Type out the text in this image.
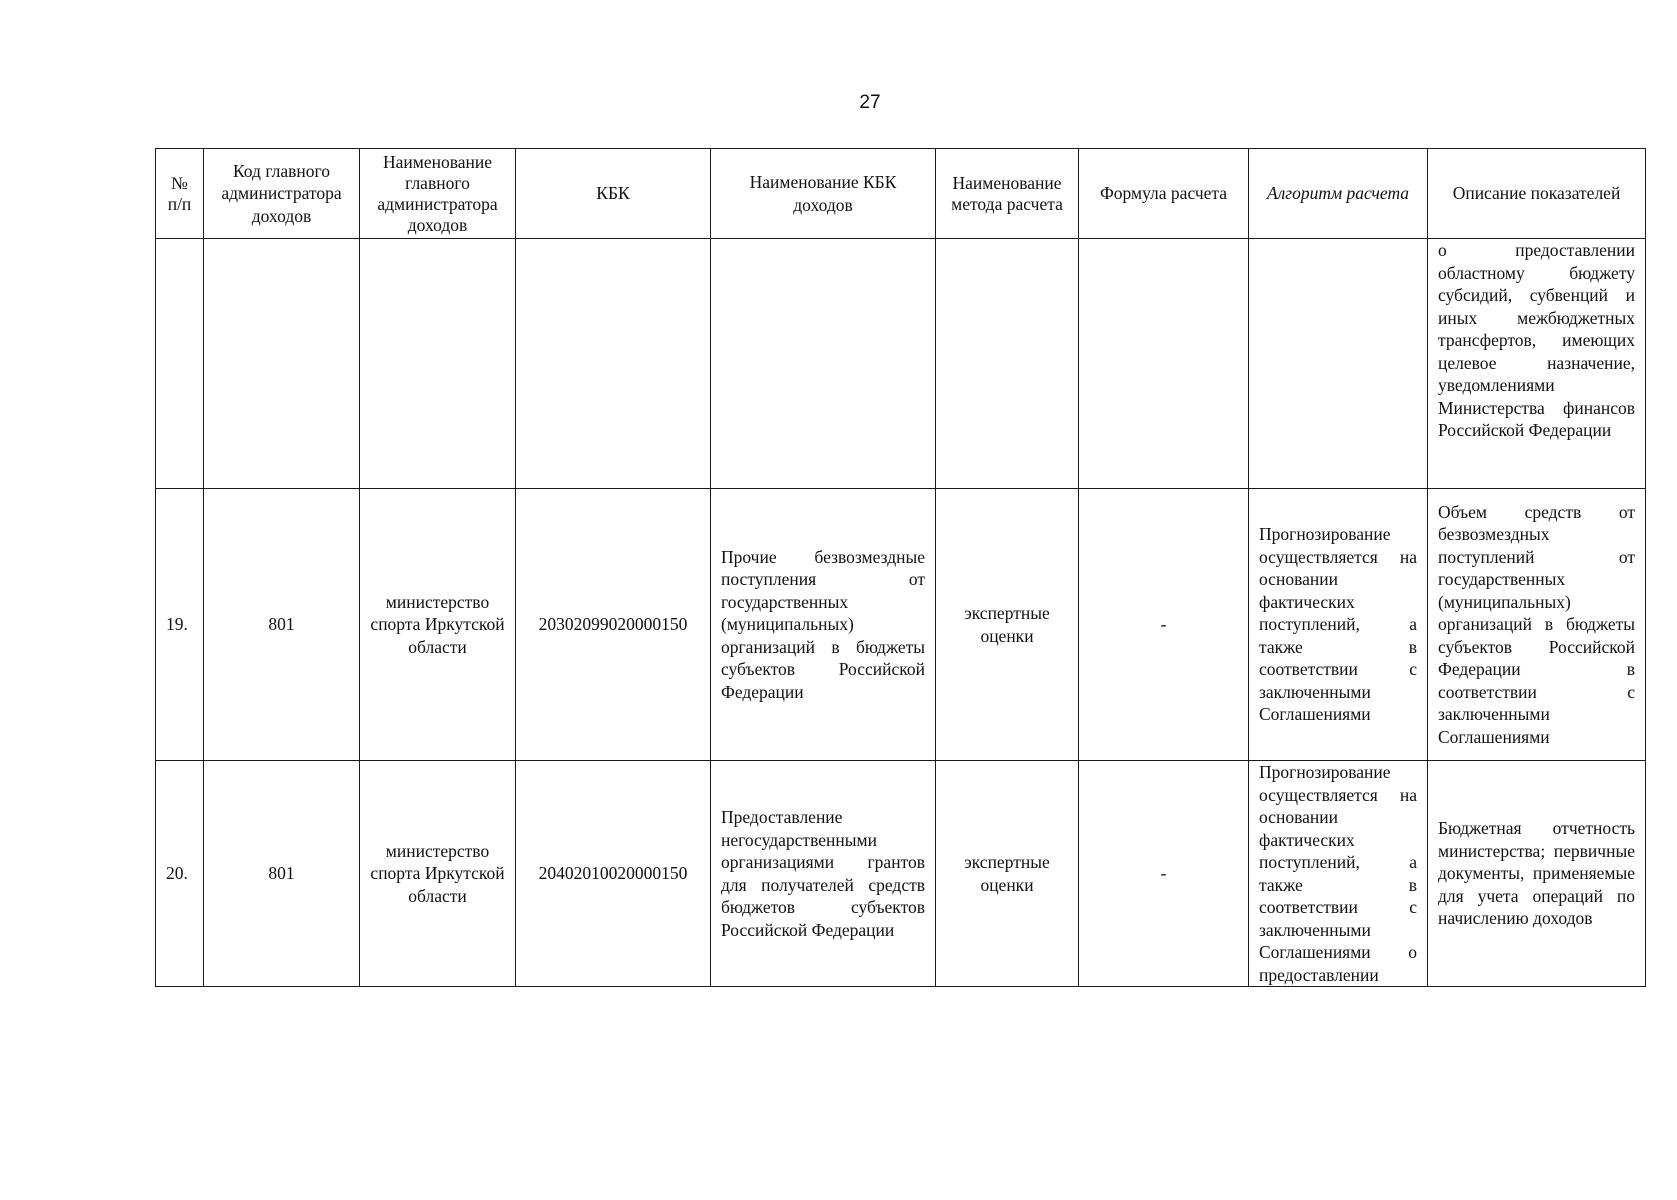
27
№ п/п	Код главного администратора доходов	Наименование главного администратора доходов	КБК	Наименование КБК доходов	Наименование метода расчета	Формула расчета	Алгоритм расчета	Описание показателей
								о предоставлении областному бюджету субсидий, субвенций и иных межбюджетных трансфертов, имеющих целевое назначение, уведомлениями Министерства финансов Российской Федерации
19.	801	министерство спорта Иркутской области	20302099020000150	Прочие безвозмездные поступления от государственных (муниципальных) организаций в бюджеты субъектов Российской Федерации	экспертные оценки	-	Прогнозирование осуществляется на основании фактических поступлений, а также в соответствии с заключенными Соглашениями	Объем средств от безвозмездных поступлений от государственных (муниципальных) организаций в бюджеты субъектов Российской Федерации в соответствии с заключенными Соглашениями
20.	801	министерство спорта Иркутской области	20402010020000150	Предоставление негосударственными организациями грантов для получателей средств бюджетов субъектов Российской Федерации	экспертные оценки	-	Прогнозирование осуществляется на основании фактических поступлений, а также в соответствии с заключенными Соглашениями о предоставлении	Бюджетная отчетность министерства; первичные документы, применяемые для учета операций по начислению доходов
